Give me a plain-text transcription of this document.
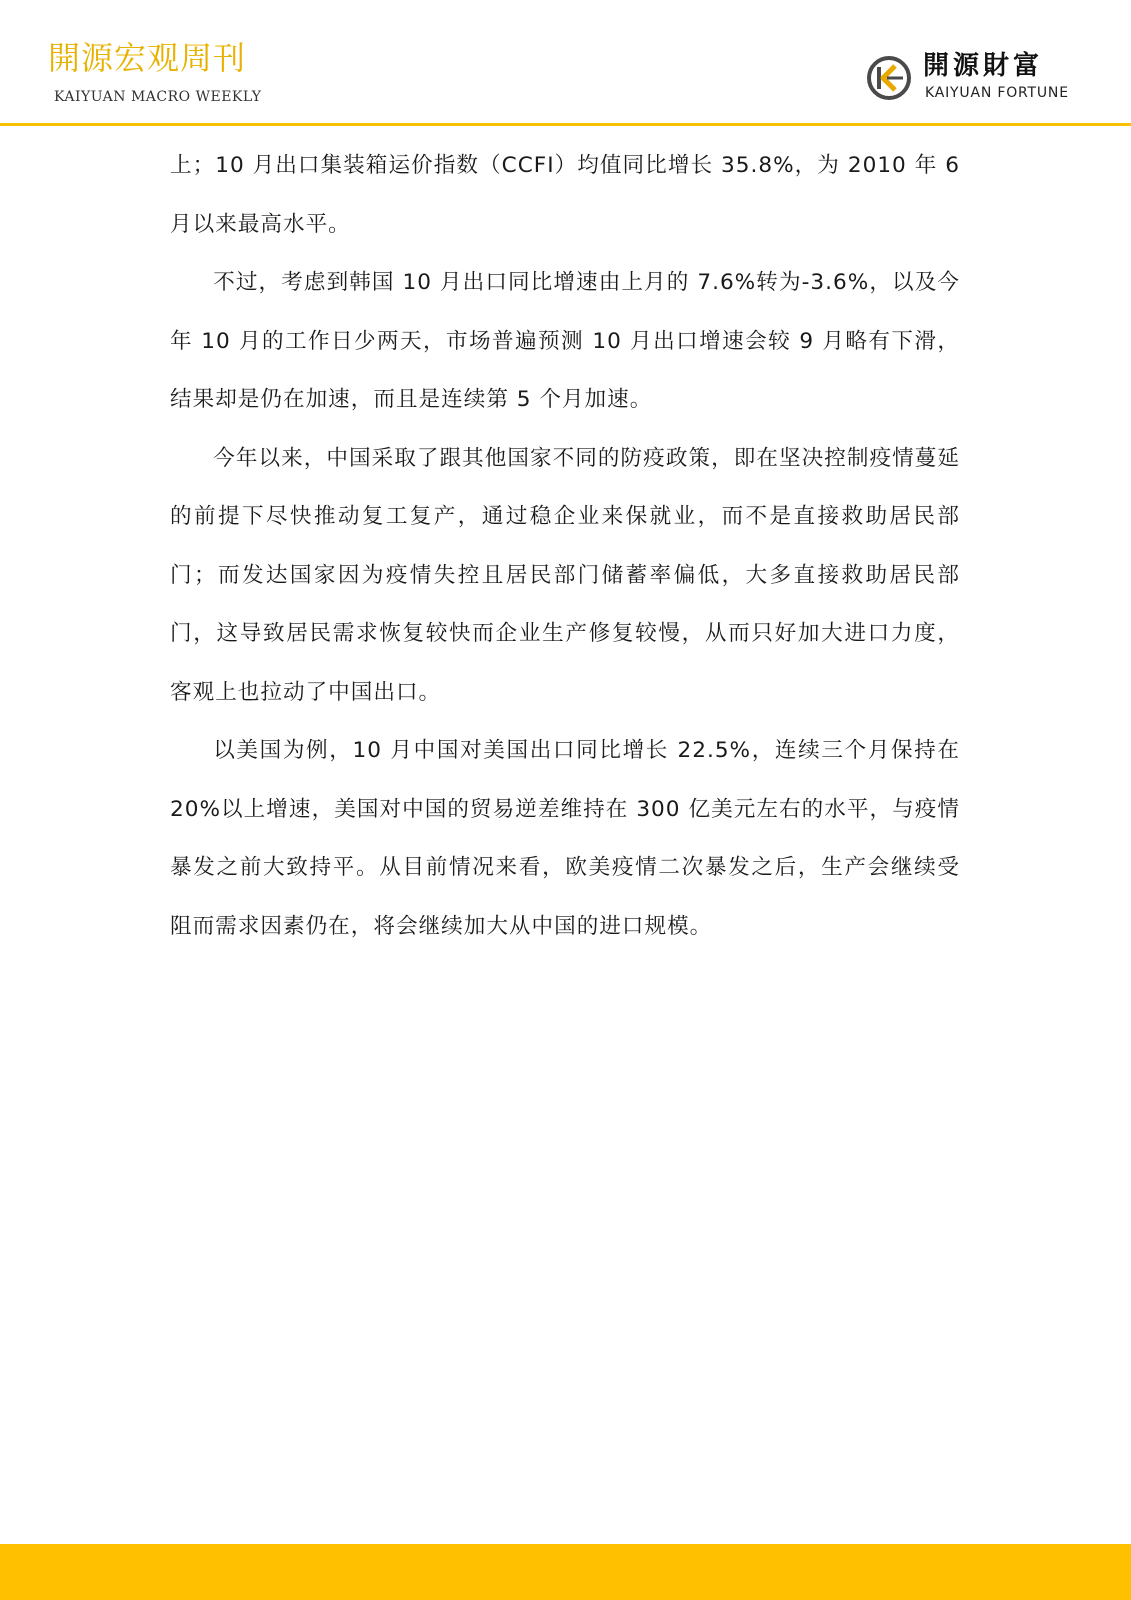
開源宏观周刊
KAIYUAN MACRO WEEKLY
開源財富
KAIYUAN FORTUNE

上；10 月出口集装箱运价指数（CCFI）均值同比增长 35.8%，为 2010 年 6 月以来最高水平。

不过，考虑到韩国 10 月出口同比增速由上月的 7.6%转为-3.6%，以及今年 10 月的工作日少两天，市场普遍预测 10 月出口增速会较 9 月略有下滑，结果却是仍在加速，而且是连续第 5 个月加速。

今年以来，中国采取了跟其他国家不同的防疫政策，即在坚决控制疫情蔓延的前提下尽快推动复工复产，通过稳企业来保就业，而不是直接救助居民部门；而发达国家因为疫情失控且居民部门储蓄率偏低，大多直接救助居民部门，这导致居民需求恢复较快而企业生产修复较慢，从而只好加大进口力度，客观上也拉动了中国出口。

以美国为例，10 月中国对美国出口同比增长 22.5%，连续三个月保持在 20%以上增速，美国对中国的贸易逆差维持在 300 亿美元左右的水平，与疫情暴发之前大致持平。从目前情况来看，欧美疫情二次暴发之后，生产会继续受阻而需求因素仍在，将会继续加大从中国的进口规模。
